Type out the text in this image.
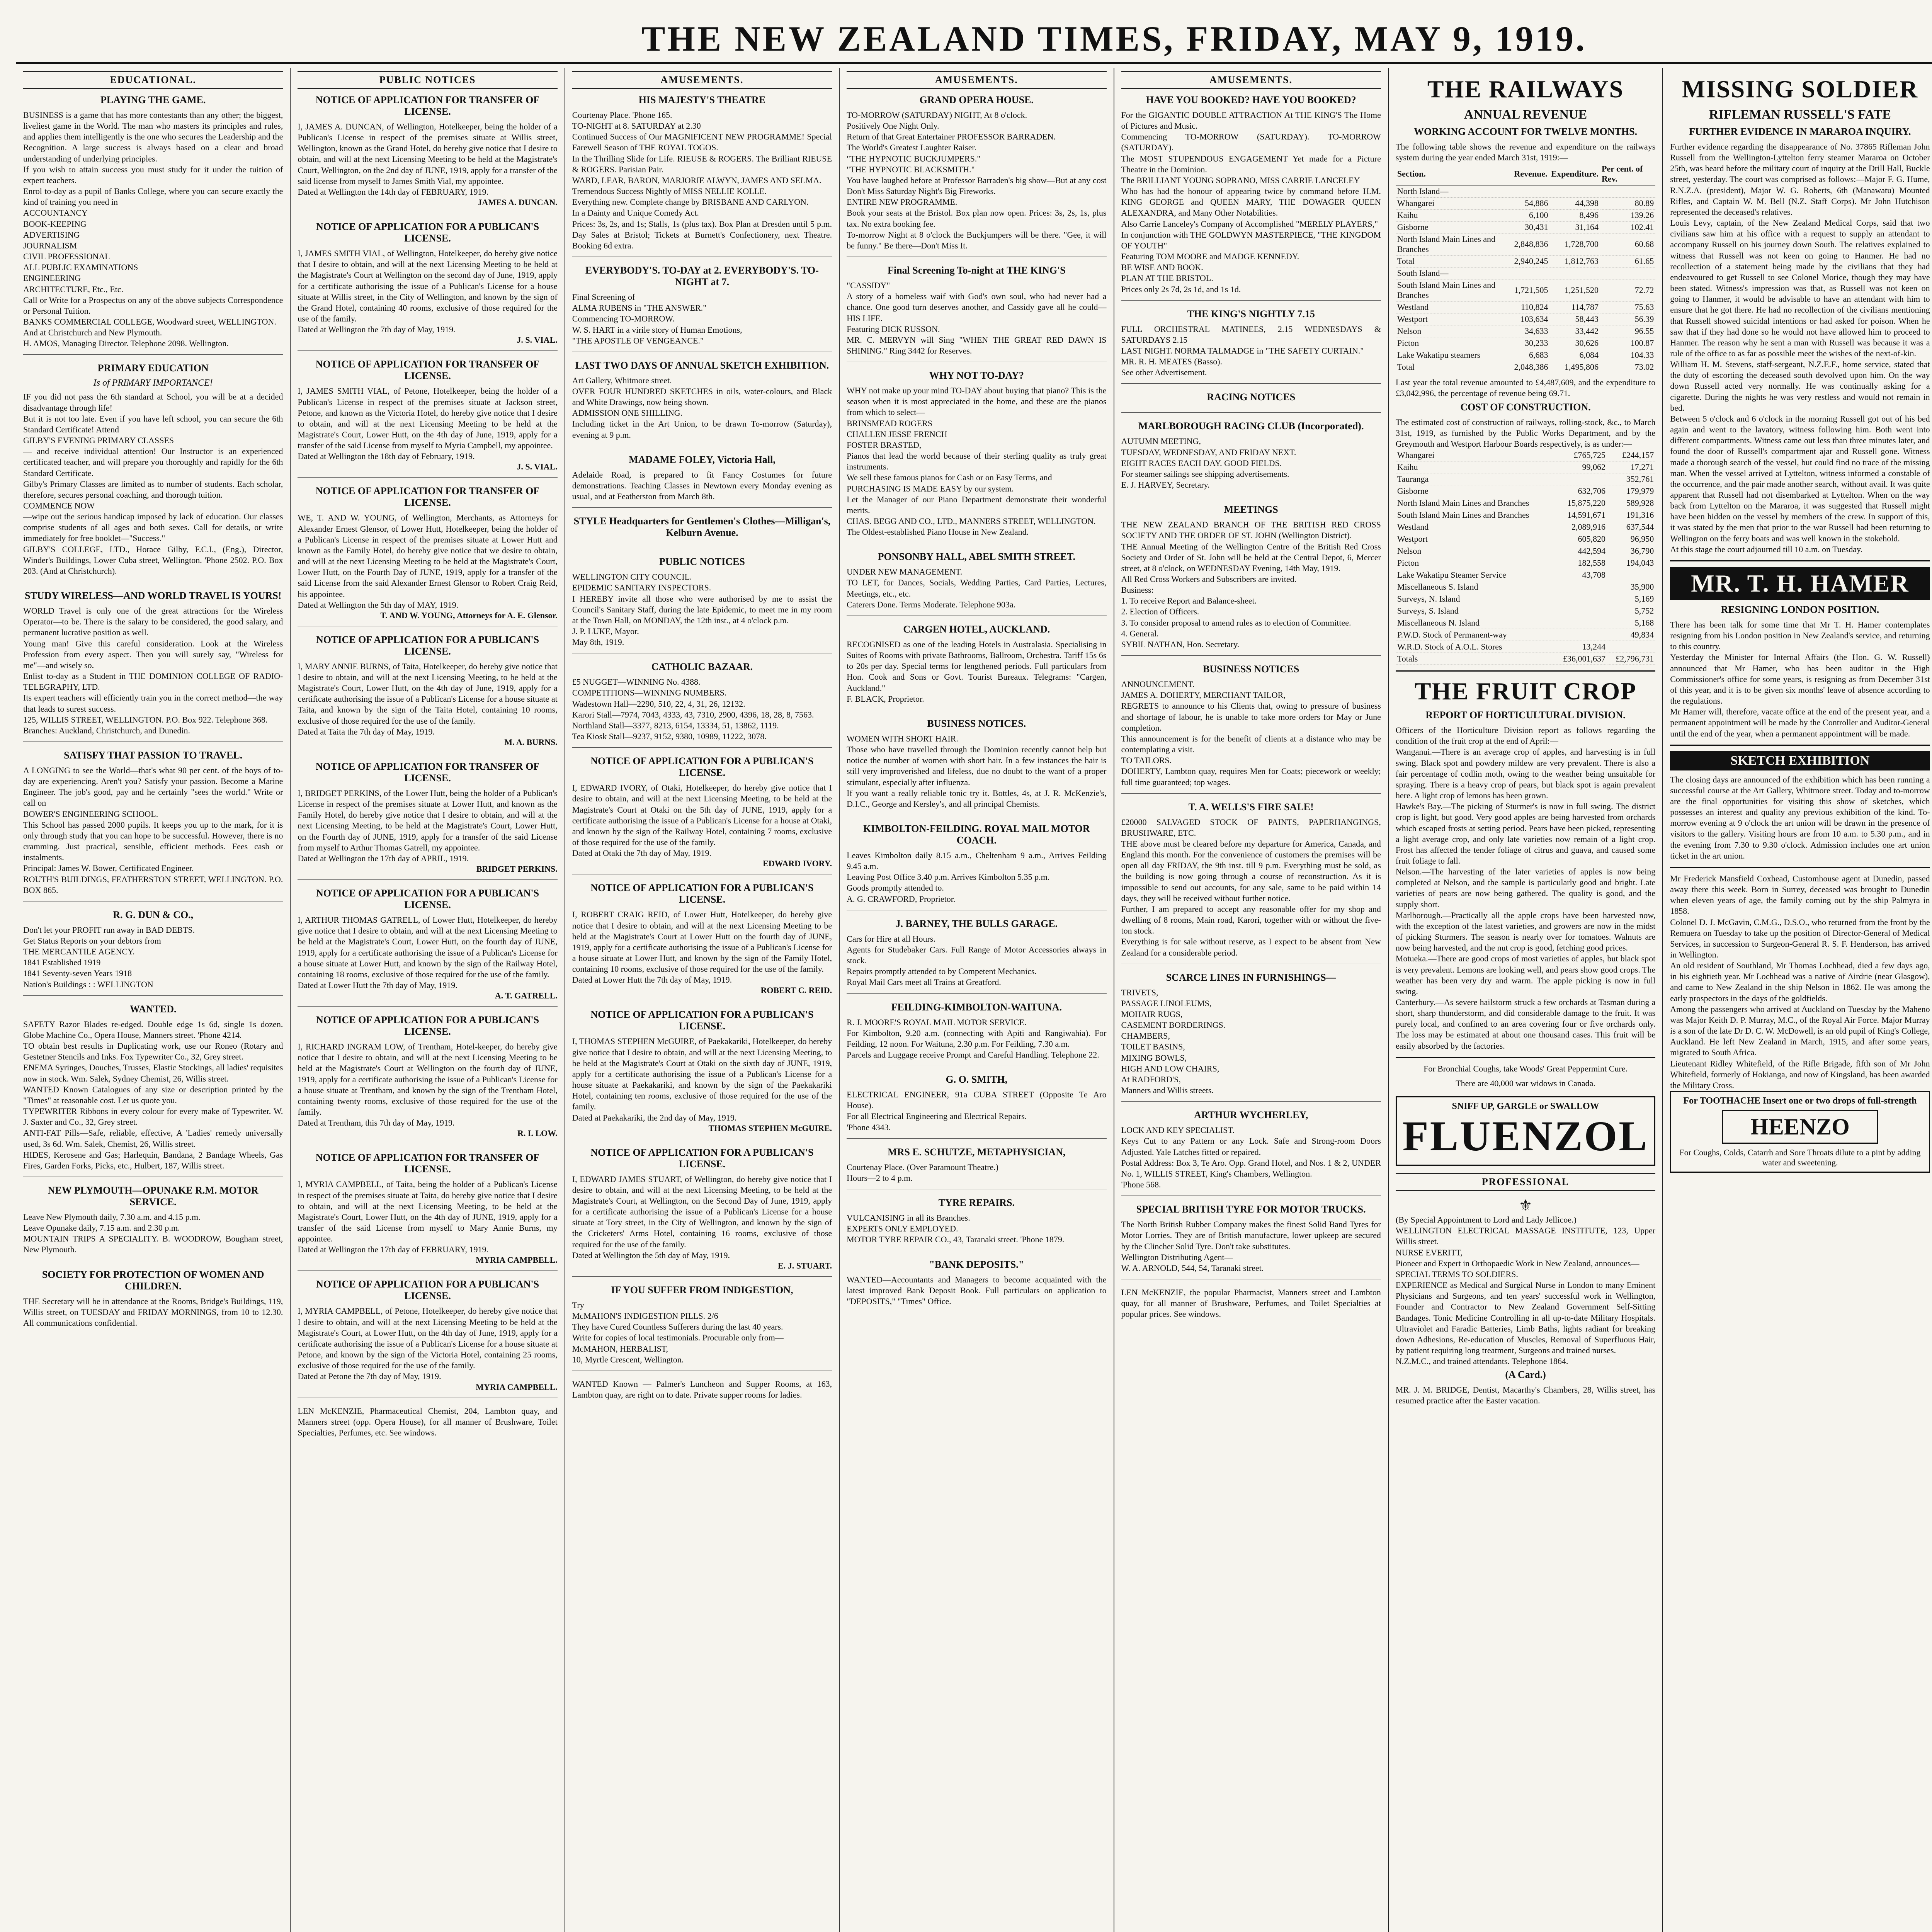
THE NEW ZEALAND TIMES, FRIDAY, MAY 9, 1919.
EDUCATIONAL.
PLAYING THE GAME.
BUSINESS is a game that has more contestants than any other; the biggest, liveliest game in the World. The man who masters its principles and rules, and applies them intelligently is the one who secures the Leadership and the Recognition. A large success is always based on a clear and broad understanding of underlying principles.
If you wish to attain success you must study for it under the tuition of expert teachers.
Enrol to-day as a pupil of Banks College, where you can secure exactly the kind of training you need in
ACCOUNTANCY
BOOK-KEEPING
ADVERTISING
JOURNALISM
CIVIL PROFESSIONAL
ALL PUBLIC EXAMINATIONS
ENGINEERING
ARCHITECTURE, Etc., Etc.
Call or Write for a Prospectus on any of the above subjects Correspondence or Personal Tuition.
BANKS COMMERCIAL COLLEGE, Woodward street, WELLINGTON.
And at Christchurch and New Plymouth.
H. AMOS, Managing Director. Telephone 2098. Wellington.
PRIMARY EDUCATION
Is of PRIMARY IMPORTANCE!
IF you did not pass the 6th standard at School, you will be at a decided disadvantage through life!
But it is not too late. Even if you have left school, you can secure the 6th Standard Certificate! Attend
GILBY'S EVENING PRIMARY CLASSES
— and receive individual attention! Our Instructor is an experienced certificated teacher, and will prepare you thoroughly and rapidly for the 6th Standard Certificate.
Gilby's Primary Classes are limited as to number of students. Each scholar, therefore, secures personal coaching, and thorough tuition.
COMMENCE NOW
—wipe out the serious handicap imposed by lack of education. Our classes comprise students of all ages and both sexes. Call for details, or write immediately for free booklet—"Success."
GILBY'S COLLEGE, LTD., Horace Gilby, F.C.I., (Eng.), Director, Winder's Buildings, Lower Cuba street, Wellington. 'Phone 2502. P.O. Box 203. (And at Christchurch).
STUDY WIRELESS—AND WORLD TRAVEL IS YOURS!
WORLD Travel is only one of the great attractions for the Wireless Operator—to be. There is the salary to be considered, the good salary, and permanent lucrative position as well.
Young man! Give this careful consideration. Look at the Wireless Profession from every aspect. Then you will surely say, "Wireless for me"—and wisely so.
Enlist to-day as a Student in THE DOMINION COLLEGE OF RADIO-TELEGRAPHY, LTD.
Its expert teachers will efficiently train you in the correct method—the way that leads to surest success.
125, WILLIS STREET, WELLINGTON. P.O. Box 922. Telephone 368.
Branches: Auckland, Christchurch, and Dunedin.
SATISFY THAT PASSION TO TRAVEL.
A LONGING to see the World—that's what 90 per cent. of the boys of to-day are experiencing. Aren't you? Satisfy your passion. Become a Marine Engineer. The job's good, pay and he certainly "sees the world." Write or call on
BOWER'S ENGINEERING SCHOOL.
This School has passed 2000 pupils. It keeps you up to the mark, for it is only through study that you can hope to be successful. However, there is no cramming. Just practical, sensible, efficient methods. Fees cash or instalments.
Principal: James W. Bower, Certificated Engineer.
ROUTH'S BUILDINGS, FEATHERSTON STREET, WELLINGTON. P.O. BOX 865.
R. G. DUN & CO.,
Don't let your PROFIT run away in BAD DEBTS.
Get Status Reports on your debtors from
THE MERCANTILE AGENCY.
1841 Established 1919
1841 Seventy-seven Years 1918
Nation's Buildings : : WELLINGTON
WANTED.
SAFETY Razor Blades re-edged. Double edge 1s 6d, single 1s dozen. Globe Machine Co., Opera House, Manners street. 'Phone 4214.
TO obtain best results in Duplicating work, use our Roneo (Rotary and Gestetner Stencils and Inks. Fox Typewriter Co., 32, Grey street.
ENEMA Syringes, Douches, Trusses, Elastic Stockings, all ladies' requisites now in stock. Wm. Salek, Sydney Chemist, 26, Willis street.
WANTED Known Catalogues of any size or description printed by the "Times" at reasonable cost. Let us quote you.
TYPEWRITER Ribbons in every colour for every make of Typewriter. W. J. Saxter and Co., 32, Grey street.
ANTI-FAT Pills—Safe, reliable, effective, A 'Ladies' remedy universally used, 3s 6d. Wm. Salek, Chemist, 26, Willis street.
HIDES, Kerosene and Gas; Harlequin, Bandana, 2 Bandage Wheels, Gas Fires, Garden Forks, Picks, etc., Hulbert, 187, Willis street.
NEW PLYMOUTH—OPUNAKE R.M. MOTOR SERVICE.
Leave New Plymouth daily, 7.30 a.m. and 4.15 p.m.
Leave Opunake daily, 7.15 a.m. and 2.30 p.m.
MOUNTAIN TRIPS A SPECIALITY. B. WOODROW, Bougham street, New Plymouth.
SOCIETY FOR PROTECTION OF WOMEN AND CHILDREN.
THE Secretary will be in attendance at the Rooms, Bridge's Buildings, 119, Willis street, on TUESDAY and FRIDAY MORNINGS, from 10 to 12.30. All communications confidential.
PUBLIC NOTICES
NOTICE OF APPLICATION FOR TRANSFER OF LICENSE.
I, JAMES A. DUNCAN, of Wellington, Hotelkeeper, being the holder of a Publican's License in respect of the premises situate at Willis street, Wellington, known as the Grand Hotel, do hereby give notice that I desire to obtain, and will at the next Licensing Meeting to be held at the Magistrate's Court, Wellington, on the 2nd day of JUNE, 1919, apply for a transfer of the said license from myself to James Smith Vial, my appointee.
Dated at Wellington the 14th day of FEBRUARY, 1919.
JAMES A. DUNCAN.
NOTICE OF APPLICATION FOR A PUBLICAN'S LICENSE.
I, JAMES SMITH VIAL, of Wellington, Hotelkeeper, do hereby give notice that I desire to obtain, and will at the next Licensing Meeting to be held at the Magistrate's Court at Wellington on the second day of June, 1919, apply for a certificate authorising the issue of a Publican's License for a house situate at Willis street, in the City of Wellington, and known by the sign of the Grand Hotel, containing 40 rooms, exclusive of those required for the use of the family.
Dated at Wellington the 7th day of May, 1919.
J. S. VIAL.
NOTICE OF APPLICATION FOR TRANSFER OF LICENSE.
I, JAMES SMITH VIAL, of Petone, Hotelkeeper, being the holder of a Publican's License in respect of the premises situate at Jackson street, Petone, and known as the Victoria Hotel, do hereby give notice that I desire to obtain, and will at the next Licensing Meeting to be held at the Magistrate's Court, Lower Hutt, on the 4th day of June, 1919, apply for a transfer of the said License from myself to Myria Campbell, my appointee.
Dated at Wellington the 18th day of February, 1919.
J. S. VIAL.
NOTICE OF APPLICATION FOR TRANSFER OF LICENSE.
WE, T. AND W. YOUNG, of Wellington, Merchants, as Attorneys for Alexander Ernest Glensor, of Lower Hutt, Hotelkeeper, being the holder of a Publican's License in respect of the premises situate at Lower Hutt and known as the Family Hotel, do hereby give notice that we desire to obtain, and will at the next Licensing Meeting to be held at the Magistrate's Court, Lower Hutt, on the Fourth Day of JUNE, 1919, apply for a transfer of the said License from the said Alexander Ernest Glensor to Robert Craig Reid, his appointee.
Dated at Wellington the 5th day of MAY, 1919.
T. AND W. YOUNG, Attorneys for A. E. Glensor.
NOTICE OF APPLICATION FOR A PUBLICAN'S LICENSE.
I, MARY ANNIE BURNS, of Taita, Hotelkeeper, do hereby give notice that I desire to obtain, and will at the next Licensing Meeting, to be held at the Magistrate's Court, Lower Hutt, on the 4th day of June, 1919, apply for a certificate authorising the issue of a Publican's License for a house situate at Taita, and known by the sign of the Taita Hotel, containing 10 rooms, exclusive of those required for the use of the family.
Dated at Taita the 7th day of May, 1919.
M. A. BURNS.
NOTICE OF APPLICATION FOR TRANSFER OF LICENSE.
I, BRIDGET PERKINS, of the Lower Hutt, being the holder of a Publican's License in respect of the premises situate at Lower Hutt, and known as the Family Hotel, do hereby give notice that I desire to obtain, and will at the next Licensing Meeting, to be held at the Magistrate's Court, Lower Hutt, on the Fourth day of JUNE, 1919, apply for a transfer of the said License from myself to Arthur Thomas Gatrell, my appointee.
Dated at Wellington the 17th day of APRIL, 1919.
BRIDGET PERKINS.
NOTICE OF APPLICATION FOR A PUBLICAN'S LICENSE.
I, ARTHUR THOMAS GATRELL, of Lower Hutt, Hotelkeeper, do hereby give notice that I desire to obtain, and will at the next Licensing Meeting to be held at the Magistrate's Court, Lower Hutt, on the fourth day of JUNE, 1919, apply for a certificate authorising the issue of a Publican's License for a house situate at Lower Hutt, and known by the sign of the Railway Hotel, containing 18 rooms, exclusive of those required for the use of the family.
Dated at Lower Hutt the 7th day of May, 1919.
A. T. GATRELL.
NOTICE OF APPLICATION FOR A PUBLICAN'S LICENSE.
I, RICHARD INGRAM LOW, of Trentham, Hotel-keeper, do hereby give notice that I desire to obtain, and will at the next Licensing Meeting to be held at the Magistrate's Court at Wellington on the fourth day of JUNE, 1919, apply for a certificate authorising the issue of a Publican's License for a house situate at Trentham, and known by the sign of the Trentham Hotel, containing twenty rooms, exclusive of those required for the use of the family.
Dated at Trentham, this 7th day of May, 1919.
R. I. LOW.
NOTICE OF APPLICATION FOR TRANSFER OF LICENSE.
I, MYRIA CAMPBELL, of Taita, being the holder of a Publican's License in respect of the premises situate at Taita, do hereby give notice that I desire to obtain, and will at the next Licensing Meeting, to be held at the Magistrate's Court, Lower Hutt, on the 4th day of JUNE, 1919, apply for a transfer of the said License from myself to Mary Annie Burns, my appointee.
Dated at Wellington the 17th day of FEBRUARY, 1919.
MYRIA CAMPBELL.
NOTICE OF APPLICATION FOR A PUBLICAN'S LICENSE.
I, MYRIA CAMPBELL, of Petone, Hotelkeeper, do hereby give notice that I desire to obtain, and will at the next Licensing Meeting to be held at the Magistrate's Court, at Lower Hutt, on the 4th day of June, 1919, apply for a certificate authorising the issue of a Publican's License for a house situate at Petone, and known by the sign of the Victoria Hotel, containing 25 rooms, exclusive of those required for the use of the family.
Dated at Petone the 7th day of May, 1919.
MYRIA CAMPBELL.
LEN McKENZIE, Pharmaceutical Chemist, 204, Lambton quay, and Manners street (opp. Opera House), for all manner of Brushware, Toilet Specialties, Perfumes, etc. See windows.
AMUSEMENTS.
HIS MAJESTY'S THEATRE
Courtenay Place. 'Phone 165.
TO-NIGHT at 8. SATURDAY at 2.30
Continued Success of Our MAGNIFICENT NEW PROGRAMME! Special Farewell Season of THE ROYAL TOGOS.
In the Thrilling Slide for Life. RIEUSE & ROGERS. The Brilliant RIEUSE & ROGERS. Parisian Pair.
WARD, LEAR, BARON, MARJORIE ALWYN, JAMES AND SELMA.
Tremendous Success Nightly of MISS NELLIE KOLLE.
Everything new. Complete change by BRISBANE AND CARLYON.
In a Dainty and Unique Comedy Act.
Prices: 3s, 2s, and 1s; Stalls, 1s (plus tax). Box Plan at Dresden until 5 p.m. Day Sales at Bristol; Tickets at Burnett's Confectionery, next Theatre. Booking 6d extra.
EVERYBODY'S. TO-DAY at 2. EVERYBODY'S. TO-NIGHT at 7.
Final Screening of
ALMA RUBENS in "THE ANSWER."
Commencing TO-MORROW.
W. S. HART in a virile story of Human Emotions,
"THE APOSTLE OF VENGEANCE."
LAST TWO DAYS OF ANNUAL SKETCH EXHIBITION.
Art Gallery, Whitmore street.
OVER FOUR HUNDRED SKETCHES in oils, water-colours, and Black and White Drawings, now being shown.
ADMISSION ONE SHILLING.
Including ticket in the Art Union, to be drawn To-morrow (Saturday), evening at 9 p.m.
MADAME FOLEY, Victoria Hall,
Adelaide Road, is prepared to fit Fancy Costumes for future demonstrations. Teaching Classes in Newtown every Monday evening as usual, and at Featherston from March 8th.
STYLE Headquarters for Gentlemen's Clothes—Milligan's, Kelburn Avenue.
PUBLIC NOTICES
WELLINGTON CITY COUNCIL.
EPIDEMIC SANITARY INSPECTORS.
I HEREBY invite all those who were authorised by me to assist the Council's Sanitary Staff, during the late Epidemic, to meet me in my room at the Town Hall, on MONDAY, the 12th inst., at 4 o'clock p.m.
J. P. LUKE, Mayor.
May 8th, 1919.
CATHOLIC BAZAAR.
£5 NUGGET—WINNING No. 4388.
COMPETITIONS—WINNING NUMBERS.
Wadestown Hall—2290, 510, 22, 4, 31, 26, 12132.
Karori Stall—7974, 7043, 4333, 43, 7310, 2900, 4396, 18, 28, 8, 7563.
Northland Stall—3377, 8213, 6154, 13334, 51, 13862, 1119.
Tea Kiosk Stall—9237, 9152, 9380, 10989, 11222, 3078.
NOTICE OF APPLICATION FOR A PUBLICAN'S LICENSE.
I, EDWARD IVORY, of Otaki, Hotelkeeper, do hereby give notice that I desire to obtain, and will at the next Licensing Meeting, to be held at the Magistrate's Court at Otaki on the 5th day of JUNE, 1919, apply for a certificate authorising the issue of a Publican's License for a house at Otaki, and known by the sign of the Railway Hotel, containing 7 rooms, exclusive of those required for the use of the family.
Dated at Otaki the 7th day of May, 1919.
EDWARD IVORY.
NOTICE OF APPLICATION FOR A PUBLICAN'S LICENSE.
I, ROBERT CRAIG REID, of Lower Hutt, Hotelkeeper, do hereby give notice that I desire to obtain, and will at the next Licensing Meeting to be held at the Magistrate's Court at Lower Hutt on the fourth day of JUNE, 1919, apply for a certificate authorising the issue of a Publican's License for a house situate at Lower Hutt, and known by the sign of the Family Hotel, containing 10 rooms, exclusive of those required for the use of the family.
Dated at Lower Hutt the 7th day of May, 1919.
ROBERT C. REID.
NOTICE OF APPLICATION FOR A PUBLICAN'S LICENSE.
I, THOMAS STEPHEN McGUIRE, of Paekakariki, Hotelkeeper, do hereby give notice that I desire to obtain, and will at the next Licensing Meeting, to be held at the Magistrate's Court at Otaki on the sixth day of JUNE, 1919, apply for a certificate authorising the issue of a Publican's License for a house situate at Paekakariki, and known by the sign of the Paekakariki Hotel, containing ten rooms, exclusive of those required for the use of the family.
Dated at Paekakariki, the 2nd day of May, 1919.
THOMAS STEPHEN McGUIRE.
NOTICE OF APPLICATION FOR A PUBLICAN'S LICENSE.
I, EDWARD JAMES STUART, of Wellington, do hereby give notice that I desire to obtain, and will at the next Licensing Meeting, to be held at the Magistrate's Court, at Wellington, on the Second Day of June, 1919, apply for a certificate authorising the issue of a Publican's License for a house situate at Tory street, in the City of Wellington, and known by the sign of the Cricketers' Arms Hotel, containing 16 rooms, exclusive of those required for the use of the family.
Dated at Wellington the 5th day of May, 1919.
E. J. STUART.
IF YOU SUFFER FROM INDIGESTION,
Try
McMAHON'S INDIGESTION PILLS. 2/6
They have Cured Countless Sufferers during the last 40 years.
Write for copies of local testimonials. Procurable only from—
McMAHON, HERBALIST,
10, Myrtle Crescent, Wellington.
WANTED Known — Palmer's Luncheon and Supper Rooms, at 163, Lambton quay, are right on to date. Private supper rooms for ladies.
AMUSEMENTS.
GRAND OPERA HOUSE.
TO-MORROW (SATURDAY) NIGHT, At 8 o'clock.
Positively One Night Only.
Return of that Great Entertainer PROFESSOR BARRADEN.
The World's Greatest Laughter Raiser.
"THE HYPNOTIC BUCKJUMPERS."
"THE HYPNOTIC BLACKSMITH."
You have laughed before at Professor Barraden's big show—But at any cost Don't Miss Saturday Night's Big Fireworks.
ENTIRE NEW PROGRAMME.
Book your seats at the Bristol. Box plan now open. Prices: 3s, 2s, 1s, plus tax. No extra booking fee.
To-morrow Night at 8 o'clock the Buckjumpers will be there. "Gee, it will be funny." Be there—Don't Miss It.
Final Screening To-night at THE KING'S
"CASSIDY"
A story of a homeless waif with God's own soul, who had never had a chance. One good turn deserves another, and Cassidy gave all he could—HIS LIFE.
Featuring DICK RUSSON.
MR. C. MERVYN will Sing "WHEN THE GREAT RED DAWN IS SHINING." Ring 3442 for Reserves.
WHY NOT TO-DAY?
WHY not make up your mind TO-DAY about buying that piano? This is the season when it is most appreciated in the home, and these are the pianos from which to select—
BRINSMEAD ROGERS
CHALLEN JESSE FRENCH
FOSTER BRASTED,
Pianos that lead the world because of their sterling quality as truly great instruments.
We sell these famous pianos for Cash or on Easy Terms, and
PURCHASING IS MADE EASY by our system.
Let the Manager of our Piano Department demonstrate their wonderful merits.
CHAS. BEGG AND CO., LTD., MANNERS STREET, WELLINGTON.
The Oldest-established Piano House in New Zealand.
PONSONBY HALL, ABEL SMITH STREET.
UNDER NEW MANAGEMENT.
TO LET, for Dances, Socials, Wedding Parties, Card Parties, Lectures, Meetings, etc., etc.
Caterers Done. Terms Moderate. Telephone 903a.
CARGEN HOTEL, AUCKLAND.
RECOGNISED as one of the leading Hotels in Australasia. Specialising in Suites of Rooms with private Bathrooms, Ballroom, Orchestra. Tariff 15s 6s to 20s per day. Special terms for lengthened periods. Full particulars from Hon. Cook and Sons or Govt. Tourist Bureaux. Telegrams: "Cargen, Auckland."
F. BLACK, Proprietor.
BUSINESS NOTICES.
WOMEN WITH SHORT HAIR.
Those who have travelled through the Dominion recently cannot help but notice the number of women with short hair. In a few instances the hair is still very improverished and lifeless, due no doubt to the want of a proper stimulant, especially after influenza.
If you want a really reliable tonic try it. Bottles, 4s, at J. R. McKenzie's, D.I.C., George and Kersley's, and all principal Chemists.
KIMBOLTON-FEILDING. ROYAL MAIL MOTOR COACH.
Leaves Kimbolton daily 8.15 a.m., Cheltenham 9 a.m., Arrives Feilding 9.45 a.m.
Leaving Post Office 3.40 p.m. Arrives Kimbolton 5.35 p.m.
Goods promptly attended to.
A. G. CRAWFORD, Proprietor.
J. BARNEY, THE BULLS GARAGE.
Cars for Hire at all Hours.
Agents for Studebaker Cars. Full Range of Motor Accessories always in stock.
Repairs promptly attended to by Competent Mechanics.
Royal Mail Cars meet all Trains at Greatford.
FEILDING-KIMBOLTON-WAITUNA.
R. J. MOORE'S ROYAL MAIL MOTOR SERVICE.
For Kimbolton, 9.20 a.m. (connecting with Apiti and Rangiwahia). For Feilding, 12 noon. For Waituna, 2.30 p.m. For Feilding, 7.30 a.m.
Parcels and Luggage receive Prompt and Careful Handling. Telephone 22.
G. O. SMITH,
ELECTRICAL ENGINEER, 91a CUBA STREET (Opposite Te Aro House).
For all Electrical Engineering and Electrical Repairs.
'Phone 4343.
MRS E. SCHUTZE, METAPHYSICIAN,
Courtenay Place. (Over Paramount Theatre.)
Hours—2 to 4 p.m.
TYRE REPAIRS.
VULCANISING in all its Branches.
EXPERTS ONLY EMPLOYED.
MOTOR TYRE REPAIR CO., 43, Taranaki street. 'Phone 1879.
"BANK DEPOSITS."
WANTED—Accountants and Managers to become acquainted with the latest improved Bank Deposit Book. Full particulars on application to "DEPOSITS," "Times" Office.
AMUSEMENTS.
HAVE YOU BOOKED? HAVE YOU BOOKED?
For the GIGANTIC DOUBLE ATTRACTION At THE KING'S The Home of Pictures and Music.
Commencing TO-MORROW (SATURDAY). TO-MORROW (SATURDAY).
The MOST STUPENDOUS ENGAGEMENT Yet made for a Picture Theatre in the Dominion.
The BRILLIANT YOUNG SOPRANO, MISS CARRIE LANCELEY
Who has had the honour of appearing twice by command before H.M. KING GEORGE and QUEEN MARY, THE DOWAGER QUEEN ALEXANDRA, and Many Other Notabilities.
Also Carrie Lanceley's Company of Accomplished "MERELY PLAYERS,"
In conjunction with THE GOLDWYN MASTERPIECE, "THE KINGDOM OF YOUTH"
Featuring TOM MOORE and MADGE KENNEDY.
BE WISE AND BOOK.
PLAN AT THE BRISTOL.
Prices only 2s 7d, 2s 1d, and 1s 1d.
THE KING'S NIGHTLY 7.15
FULL ORCHESTRAL MATINEES, 2.15 WEDNESDAYS & SATURDAYS 2.15
LAST NIGHT. NORMA TALMADGE in "THE SAFETY CURTAIN."
MR. R. H. MEATES (Basso).
See other Advertisement.
RACING NOTICES
MARLBOROUGH RACING CLUB (Incorporated).
AUTUMN MEETING,
TUESDAY, WEDNESDAY, AND FRIDAY NEXT.
EIGHT RACES EACH DAY. GOOD FIELDS.
For steamer sailings see shipping advertisements.
E. J. HARVEY, Secretary.
MEETINGS
THE NEW ZEALAND BRANCH OF THE BRITISH RED CROSS SOCIETY AND THE ORDER OF ST. JOHN (Wellington District).
THE Annual Meeting of the Wellington Centre of the British Red Cross Society and Order of St. John will be held at the Central Depot, 6, Mercer street, at 8 o'clock, on WEDNESDAY Evening, 14th May, 1919.
All Red Cross Workers and Subscribers are invited.
Business:
1. To receive Report and Balance-sheet.
2. Election of Officers.
3. To consider proposal to amend rules as to election of Committee.
4. General.
SYBIL NATHAN, Hon. Secretary.
BUSINESS NOTICES
ANNOUNCEMENT.
JAMES A. DOHERTY, MERCHANT TAILOR,
REGRETS to announce to his Clients that, owing to pressure of business and shortage of labour, he is unable to take more orders for May or June completion.
This announcement is for the benefit of clients at a distance who may be contemplating a visit.
TO TAILORS.
DOHERTY, Lambton quay, requires Men for Coats; piecework or weekly; full time guaranteed; top wages.
T. A. WELLS'S FIRE SALE!
£20000 SALVAGED STOCK OF PAINTS, PAPERHANGINGS, BRUSHWARE, ETC.
THE above must be cleared before my departure for America, Canada, and England this month. For the convenience of customers the premises will be open all day FRIDAY, the 9th inst. till 9 p.m. Everything must be sold, as the building is now going through a course of reconstruction. As it is impossible to send out accounts, for any sale, same to be paid within 14 days, they will be received without further notice.
Further, I am prepared to accept any reasonable offer for my shop and dwelling of 8 rooms, Main road, Karori, together with or without the five-ton stock.
Everything is for sale without reserve, as I expect to be absent from New Zealand for a considerable period.
SCARCE LINES IN FURNISHINGS—
TRIVETS,
PASSAGE LINOLEUMS,
MOHAIR RUGS,
CASEMENT BORDERINGS.
CHAMBERS,
TOILET BASINS,
MIXING BOWLS,
HIGH AND LOW CHAIRS,
At RADFORD'S,
Manners and Willis streets.
ARTHUR WYCHERLEY,
LOCK AND KEY SPECIALIST.
Keys Cut to any Pattern or any Lock. Safe and Strong-room Doors Adjusted. Yale Latches fitted or repaired.
Postal Address: Box 3, Te Aro. Opp. Grand Hotel, and Nos. 1 & 2, UNDER No. 1, WILLIS STREET, King's Chambers, Wellington.
'Phone 568.
SPECIAL BRITISH TYRE FOR MOTOR TRUCKS.
The North British Rubber Company makes the finest Solid Band Tyres for Motor Lorries. They are of British manufacture, lower upkeep are secured by the Clincher Solid Tyre. Don't take substitutes.
Wellington Distributing Agent—
W. A. ARNOLD, 544, 54, Taranaki street.
LEN McKENZIE, the popular Pharmacist, Manners street and Lambton quay, for all manner of Brushware, Perfumes, and Toilet Specialties at popular prices. See windows.
THE RAILWAYS
ANNUAL REVENUE
WORKING ACCOUNT FOR TWELVE MONTHS.
The following table shows the revenue and expenditure on the railways system during the year ended March 31st, 1919:—
Section.	Revenue.	Expenditure.	Per cent. of Rev.
North Island—			
Whangarei	54,886	44,398	80.89
Kaihu	6,100	8,496	139.26
Gisborne	30,431	31,164	102.41
North Island Main Lines and Branches	2,848,836	1,728,700	60.68
Total	2,940,245	1,812,763	61.65
South Island—			
South Island Main Lines and Branches	1,721,505	1,251,520	72.72
Westland	110,824	114,787	75.63
Westport	103,634	58,443	56.39
Nelson	34,633	33,442	96.55
Picton	30,233	30,626	100.87
Lake Wakatipu steamers	6,683	6,084	104.33
Total	2,048,386	1,495,806	73.02
Last year the total revenue amounted to £4,487,609, and the expenditure to £3,042,996, the percentage of revenue being 69.71.
COST OF CONSTRUCTION.
The estimated cost of construction of railways, rolling-stock, &c., to March 31st, 1919, as furnished by the Public Works Department, and by the Greymouth and Westport Harbour Boards respectively, is as under:—
Whangarei	£765,725	£244,157
Kaihu	99,062	17,271
Tauranga		352,761
Gisborne	632,706	179,979
North Island Main Lines and Branches	15,875,220	589,928
South Island Main Lines and Branches	14,591,671	191,316
Westland	2,089,916	637,544
Westport	605,820	96,950
Nelson	442,594	36,790
Picton	182,558	194,043
Lake Wakatipu Steamer Service	43,708	
Miscellaneous S. Island		35,900
Surveys, N. Island		5,169
Surveys, S. Island		5,752
Miscellaneous N. Island		5,168
P.W.D. Stock of Permanent-way		49,834
W.R.D. Stock of A.O.L. Stores	13,244	
Totals	£36,001,637	£2,796,731
THE FRUIT CROP
REPORT OF HORTICULTURAL DIVISION.
Officers of the Horticulture Division report as follows regarding the condition of the fruit crop at the end of April:—
Wanganui.—There is an average crop of apples, and harvesting is in full swing. Black spot and powdery mildew are very prevalent. There is also a fair percentage of codlin moth, owing to the weather being unsuitable for spraying. There is a heavy crop of pears, but black spot is again prevalent here. A light crop of lemons has been grown.
Hawke's Bay.—The picking of Sturmer's is now in full swing. The district crop is light, but good. Very good apples are being harvested from orchards which escaped frosts at setting period. Pears have been picked, representing a light average crop, and only late varieties now remain of a light crop. Frost has affected the tender foliage of citrus and guava, and caused some fruit foliage to fall.
Nelson.—The harvesting of the later varieties of apples is now being completed at Nelson, and the sample is particularly good and bright. Late varieties of pears are now being gathered. The quality is good, and the supply short.
Marlborough.—Practically all the apple crops have been harvested now, with the exception of the latest varieties, and growers are now in the midst of picking Sturmers. The season is nearly over for tomatoes. Walnuts are now being harvested, and the nut crop is good, fetching good prices.
Motueka.—There are good crops of most varieties of apples, but black spot is very prevalent. Lemons are looking well, and pears show good crops. The weather has been very dry and warm. The apple picking is now in full swing.
Canterbury.—As severe hailstorm struck a few orchards at Tasman during a short, sharp thunderstorm, and did considerable damage to the fruit. It was purely local, and confined to an area covering four or five orchards only. The loss may be estimated at about one thousand cases. This fruit will be easily absorbed by the factories.
For Bronchial Coughs, take Woods' Great Peppermint Cure.
There are 40,000 war widows in Canada.
SNIFF UP, GARGLE or SWALLOW
FLUENZOL
PROFESSIONAL
⚜
(By Special Appointment to Lord and Lady Jellicoe.)
WELLINGTON ELECTRICAL MASSAGE INSTITUTE, 123, Upper Willis street.
NURSE EVERITT,
Pioneer and Expert in Orthopaedic Work in New Zealand, announces—
SPECIAL TERMS TO SOLDIERS.
EXPERIENCE as Medical and Surgical Nurse in London to many Eminent Physicians and Surgeons, and ten years' successful work in Wellington, Founder and Contractor to New Zealand Government Self-Sitting Bandages. Tonic Medicine Controlling in all up-to-date Military Hospitals. Ultraviolet and Faradic Batteries, Limb Baths, lights radiant for breaking down Adhesions, Re-education of Muscles, Removal of Superfluous Hair, by patient requiring long treatment, Surgeons and trained nurses.
N.Z.M.C., and trained attendants. Telephone 1864.
(A Card.)
MR. J. M. BRIDGE, Dentist, Macarthy's Chambers, 28, Willis street, has resumed practice after the Easter vacation.
MISSING SOLDIER
RIFLEMAN RUSSELL'S FATE
FURTHER EVIDENCE IN MARAROA INQUIRY.
Further evidence regarding the disappearance of No. 37865 Rifleman John Russell from the Wellington-Lyttelton ferry steamer Mararoa on October 25th, was heard before the military court of inquiry at the Drill Hall, Buckle street, yesterday. The court was comprised as follows:—Major F. G. Hume, R.N.Z.A. (president), Major W. G. Roberts, 6th (Manawatu) Mounted Rifles, and Captain W. M. Bell (N.Z. Staff Corps). Mr John Hutchison represented the deceased's relatives.
Louis Levy, captain, of the New Zealand Medical Corps, said that two civilians saw him at his office with a request to supply an attendant to accompany Russell on his journey down South. The relatives explained to witness that Russell was not keen on going to Hanmer. He had no recollection of a statement being made by the civilians that they had endeavoured to get Russell to see Colonel Morice, though they may have been stated. Witness's impression was that, as Russell was not keen on going to Hanmer, it would be advisable to have an attendant with him to ensure that he got there. He had no recollection of the civilians mentioning that Russell showed suicidal intentions or had asked for poison. When he saw that if they had done so he would not have allowed him to proceed to Hanmer. The reason why he sent a man with Russell was because it was a rule of the office to as far as possible meet the wishes of the next-of-kin.
William H. M. Stevens, staff-sergeant, N.Z.E.F., home service, stated that the duty of escorting the deceased south devolved upon him. On the way down Russell acted very normally. He was continually asking for a cigarette. During the nights he was very restless and would not remain in bed.
Between 5 o'clock and 6 o'clock in the morning Russell got out of his bed again and went to the lavatory, witness following him. Both went into different compartments. Witness came out less than three minutes later, and found the door of Russell's compartment ajar and Russell gone. Witness made a thorough search of the vessel, but could find no trace of the missing man. When the vessel arrived at Lyttelton, witness informed a constable of the occurrence, and the pair made another search, without avail. It was quite apparent that Russell had not disembarked at Lyttelton. When on the way back from Lyttelton on the Mararoa, it was suggested that Russell might have been hidden on the vessel by members of the crew. In support of this, it was stated by the men that prior to the war Russell had been returning to Wellington on the ferry boats and was well known in the stokehold.
At this stage the court adjourned till 10 a.m. on Tuesday.
MR. T. H. HAMER
RESIGNING LONDON POSITION.
There has been talk for some time that Mr T. H. Hamer contemplates resigning from his London position in New Zealand's service, and returning to this country.
Yesterday the Minister for Internal Affairs (the Hon. G. W. Russell) announced that Mr Hamer, who has been auditor in the High Commissioner's office for some years, is resigning as from December 31st of this year, and it is to be given six months' leave of absence according to the regulations.
Mr Hamer will, therefore, vacate office at the end of the present year, and a permanent appointment will be made by the Controller and Auditor-General until the end of the year, when a permanent appointment will be made.
SKETCH EXHIBITION
The closing days are announced of the exhibition which has been running a successful course at the Art Gallery, Whitmore street. Today and to-morrow are the final opportunities for visiting this show of sketches, which possesses an interest and quality any previous exhibition of the kind. To-morrow evening at 9 o'clock the art union will be drawn in the presence of visitors to the gallery. Visiting hours are from 10 a.m. to 5.30 p.m., and in the evening from 7.30 to 9.30 o'clock. Admission includes one art union ticket in the art union.
Mr Frederick Mansfield Coxhead, Customhouse agent at Dunedin, passed away there this week. Born in Surrey, deceased was brought to Dunedin when eleven years of age, the family coming out by the ship Palmyra in 1858.
Colonel D. J. McGavin, C.M.G., D.S.O., who returned from the front by the Remuera on Tuesday to take up the position of Director-General of Medical Services, in succession to Surgeon-General R. S. F. Henderson, has arrived in Wellington.
An old resident of Southland, Mr Thomas Lochhead, died a few days ago, in his eightieth year. Mr Lochhead was a native of Airdrie (near Glasgow), and came to New Zealand in the ship Nelson in 1862. He was among the early prospectors in the days of the goldfields.
Among the passengers who arrived at Auckland on Tuesday by the Maheno was Major Keith D. P. Murray, M.C., of the Royal Air Force. Major Murray is a son of the late Dr D. C. W. McDowell, is an old pupil of King's College, Auckland. He left New Zealand in March, 1915, and after some years, migrated to South Africa.
Lieutenant Ridley Whitefield, of the Rifle Brigade, fifth son of Mr John Whitefield, formerly of Hokianga, and now of Kingsland, has been awarded the Military Cross.
For TOOTHACHE Insert one or two drops of full-strength
HEENZO
For Coughs, Colds, Catarrh and Sore Throats dilute to a pint by adding water and sweetening.
